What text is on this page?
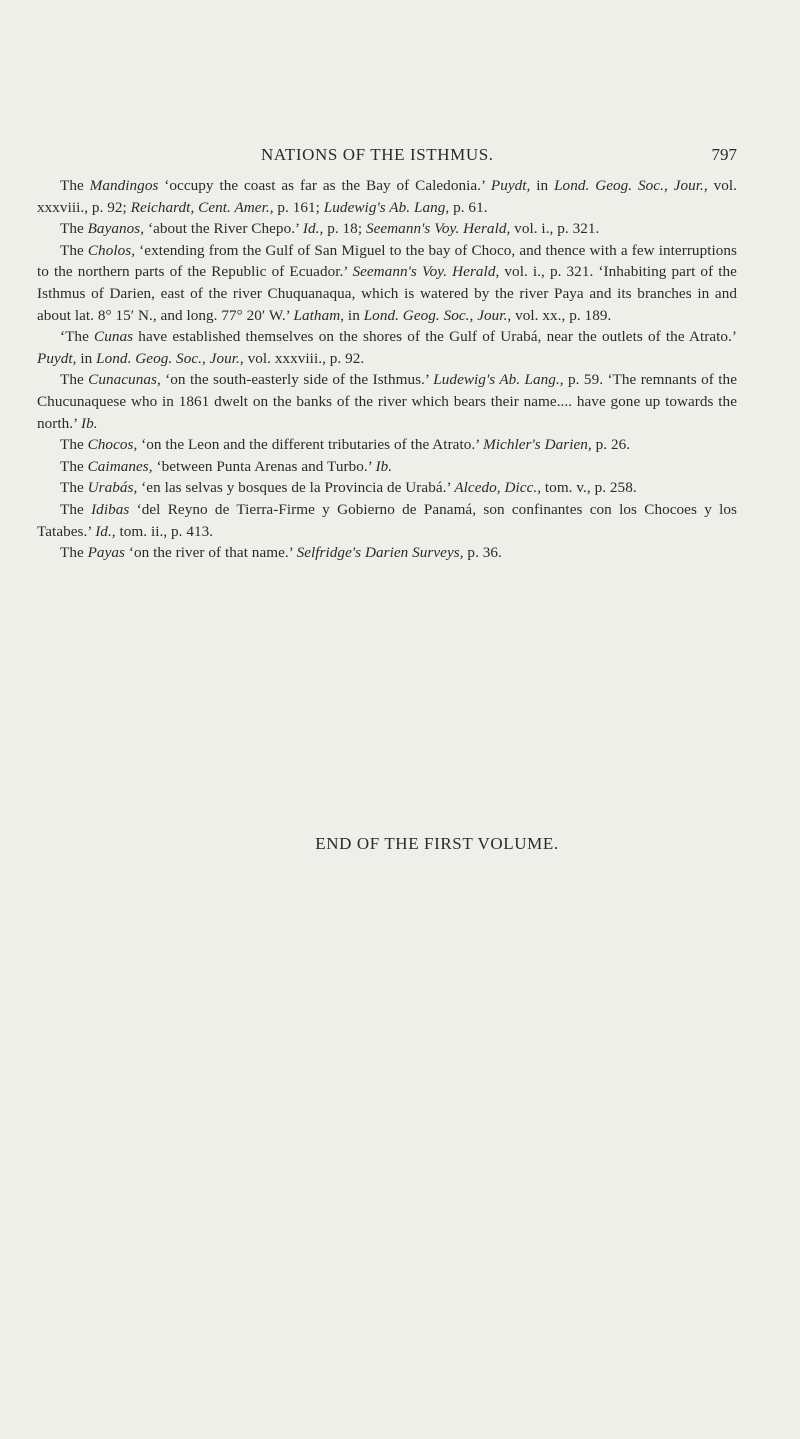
NATIONS OF THE ISTHMUS.	797

The Mandingos ‘occupy the coast as far as the Bay of Caledonia.’ Puydt, in Lond. Geog. Soc., Jour., vol. xxxviii., p. 92; Reichardt, Cent. Amer., p. 161; Ludewig's Ab. Lang, p. 61.

The Bayanos, ‘about the River Chepo.’ Id., p. 18; Seemann's Voy. Herald, vol. i., p. 321.

The Cholos, ‘extending from the Gulf of San Miguel to the bay of Choco, and thence with a few interruptions to the northern parts of the Republic of Ecuador.’ Seemann's Voy. Herald, vol. i., p. 321. ‘Inhabiting part of the Isthmus of Darien, east of the river Chuquanaqua, which is watered by the river Paya and its branches in and about lat. 8° 15′ N., and long. 77° 20′ W.’ Latham, in Lond. Geog. Soc., Jour., vol. xx., p. 189.

‘The Cunas have established themselves on the shores of the Gulf of Urabá, near the outlets of the Atrato.’ Puydt, in Lond. Geog. Soc., Jour., vol. xxxviii., p. 92.

The Cunacunas, ‘on the south-easterly side of the Isthmus.’ Ludewig's Ab. Lang., p. 59. ‘The remnants of the Chucunaquese who in 1861 dwelt on the banks of the river which bears their name.... have gone up towards the north.’ Ib.

The Chocos, ‘on the Leon and the different tributaries of the Atrato.’ Michler's Darien, p. 26.

The Caimanes, ‘between Punta Arenas and Turbo.’ Ib.

The Urabás, ‘en las selvas y bosques de la Provincia de Urabá.’ Alcedo, Dicc., tom. v., p. 258.

The Idibas ‘del Reyno de Tierra-Firme y Gobierno de Panamá, son confinantes con los Chocoes y los Tatabes.’ Id., tom. ii., p. 413.

The Payas ‘on the river of that name.’ Selfridge's Darien Surveys, p. 36.

END OF THE FIRST VOLUME.
